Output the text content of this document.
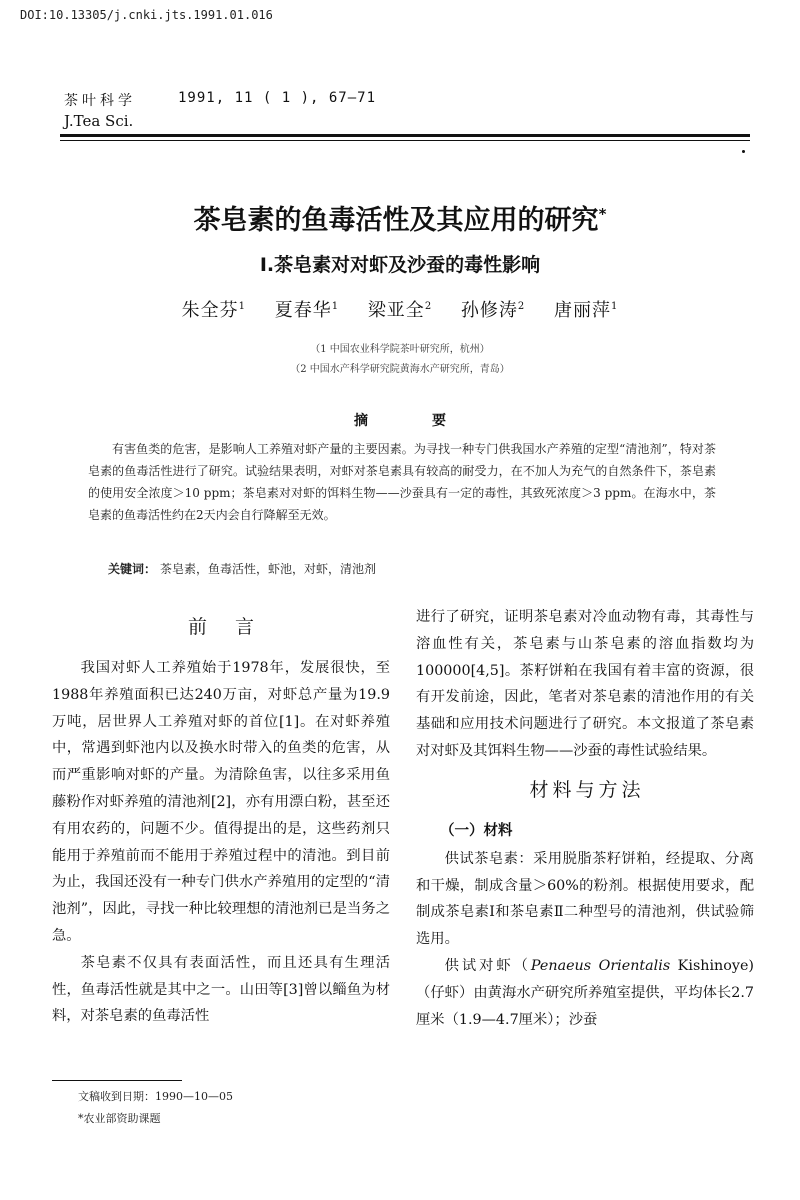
DOI:10.13305/j.cnki.jts.1991.01.016
茶叶科学	1991, 11 ( 1 ), 67—71
J.Tea Sci.
茶皂素的鱼毒活性及其应用的研究*
Ⅰ.茶皂素对对虾及沙蚕的毒性影响
朱全芬$^1$ 夏春华$^1$ 梁亚全$^2$ 孙修涛$^2$ 唐丽萍$^1$
（1 中国农业科学院茶叶研究所，杭州）
（2 中国水产科学研究院黄海水产研究所，青岛）
摘要
有害鱼类的危害，是影响人工养殖对虾产量的主要因素。为寻找一种专门供我国水产养殖的定型“清池剂”，特对茶皂素的鱼毒活性进行了研究。试验结果表明，对虾对茶皂素具有较高的耐受力，在不加人为充气的自然条件下，茶皂素的使用安全浓度＞10 ppm；茶皂素对对虾的饵料生物——沙蚕具有一定的毒性，其致死浓度＞3 ppm。在海水中，茶皂素的鱼毒活性约在2天内会自行降解至无效。
关键词： 茶皂素，鱼毒活性，虾池，对虾，清池剂
前言

我国对虾人工养殖始于1978年，发展很快，至1988年养殖面积已达240万亩，对虾总产量为19.9万吨，居世界人工养殖对虾的首位[1]。在对虾养殖中，常遇到虾池内以及换水时带入的鱼类的危害，从而严重影响对虾的产量。为清除鱼害，以往多采用鱼藤粉作对虾养殖的清池剂[2]，亦有用漂白粉，甚至还有用农药的，问题不少。值得提出的是，这些药剂只能用于养殖前而不能用于养殖过程中的清池。到目前为止，我国还没有一种专门供水产养殖用的定型的“清池剂”，因此，寻找一种比较理想的清池剂已是当务之急。

茶皂素不仅具有表面活性，而且还具有生理活性，鱼毒活性就是其中之一。山田等[3]曾以鲻鱼为材料，对茶皂素的鱼毒活性

进行了研究，证明茶皂素对冷血动物有毒，其毒性与溶血性有关，茶皂素与山茶皂素的溶血指数均为100000[4,5]。茶籽饼粕在我国有着丰富的资源，很有开发前途，因此，笔者对茶皂素的清池作用的有关基础和应用技术问题进行了研究。本文报道了茶皂素对对虾及其饵料生物——沙蚕的毒性试验结果。

材料与方法
（一）材料

供试茶皂素：采用脱脂茶籽饼粕，经提取、分离和干燥，制成含量＞60%的粉剂。根据使用要求，配制成茶皂素Ⅰ和茶皂素Ⅱ二种型号的清池剂，供试验筛选用。

供试对虾（Penaeus Orientalis Kishinoye)（仔虾）由黄海水产研究所养殖室提供，平均体长2.7厘米（1.9—4.7厘米）；沙蚕

文稿收到日期：1990—10—05
*农业部资助课题
